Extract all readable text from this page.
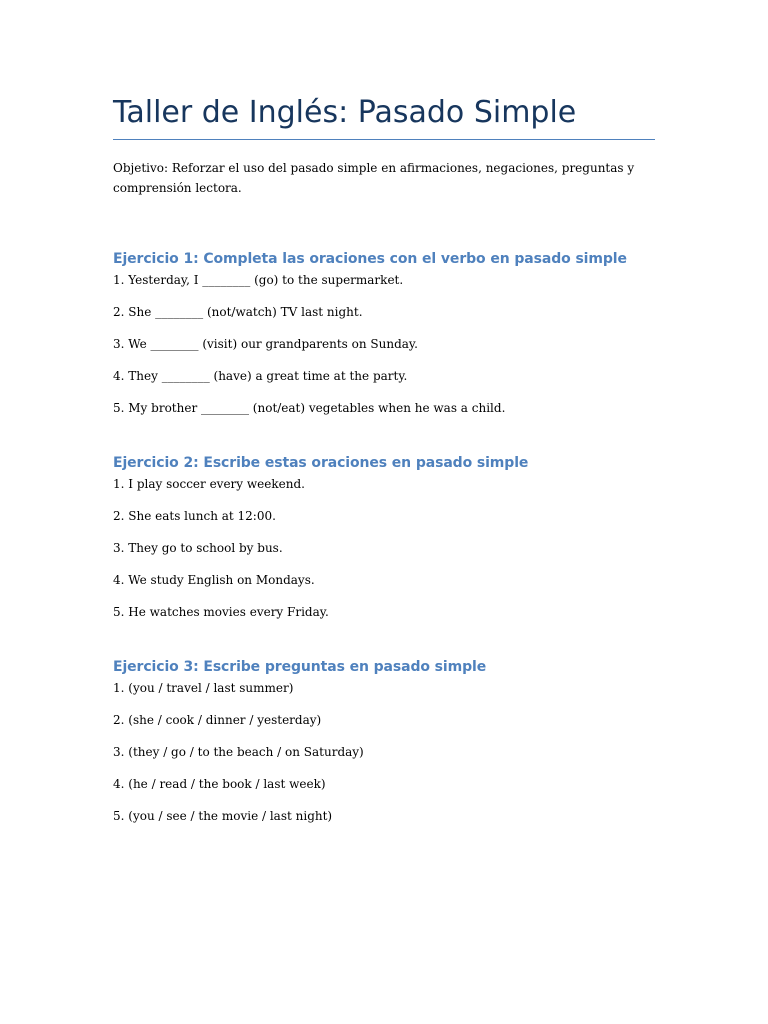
Taller de Inglés: Pasado Simple

Objetivo: Reforzar el uso del pasado simple en afirmaciones, negaciones, preguntas y comprensión lectora.

Ejercicio 1: Completa las oraciones con el verbo en pasado simple
1. Yesterday, I ________ (go) to the supermarket.
2. She ________ (not/watch) TV last night.
3. We ________ (visit) our grandparents on Sunday.
4. They ________ (have) a great time at the party.
5. My brother ________ (not/eat) vegetables when he was a child.
Ejercicio 2: Escribe estas oraciones en pasado simple
1. I play soccer every weekend.
2. She eats lunch at 12:00.
3. They go to school by bus.
4. We study English on Mondays.
5. He watches movies every Friday.
Ejercicio 3: Escribe preguntas en pasado simple
1. (you / travel / last summer)
2. (she / cook / dinner / yesterday)
3. (they / go / to the beach / on Saturday)
4. (he / read / the book / last week)
5. (you / see / the movie / last night)
